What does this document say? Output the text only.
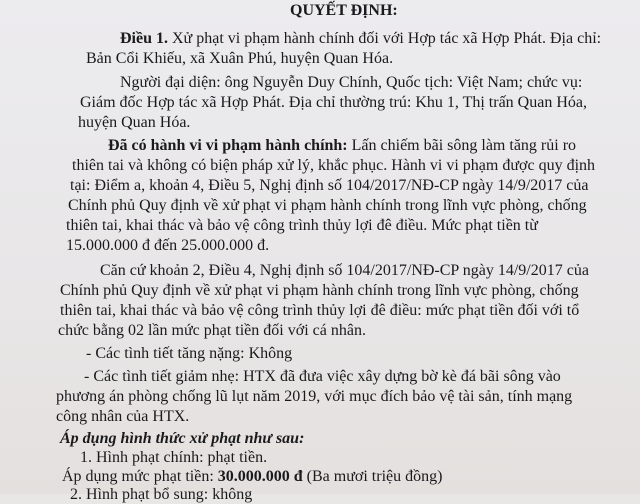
QUYẾT ĐỊNH:
Điều 1. Xử phạt vi phạm hành chính đối với Hợp tác xã Hợp Phát. Địa chỉ:
Bản Cổi Khiếu, xã Xuân Phú, huyện Quan Hóa.
Người đại diện: ông Nguyễn Duy Chính, Quốc tịch: Việt Nam; chức vụ:
Giám đốc Hợp tác xã Hợp Phát. Địa chỉ thường trú: Khu 1, Thị trấn Quan Hóa,
huyện Quan Hóa.
Đã có hành vi vi phạm hành chính: Lấn chiếm bãi sông làm tăng rủi ro
thiên tai và không có biện pháp xử lý, khắc phục. Hành vi vi phạm được quy định
tại: Điểm a, khoản 4, Điều 5, Nghị định số 104/2017/NĐ-CP ngày 14/9/2017 của
Chính phủ Quy định về xử phạt vi phạm hành chính trong lĩnh vực phòng, chống
thiên tai, khai thác và bảo vệ công trình thủy lợi đê điều. Mức phạt tiền từ
15.000.000 đ đến 25.000.000 đ.
Căn cứ khoản 2, Điều 4, Nghị định số 104/2017/NĐ-CP ngày 14/9/2017 của
Chính phủ Quy định về xử phạt vi phạm hành chính trong lĩnh vực phòng, chống
thiên tai, khai thác và bảo vệ công trình thủy lợi đê điều: mức phạt tiền đối với tổ
chức bằng 02 lần mức phạt tiền đối với cá nhân.
- Các tình tiết tăng nặng: Không
- Các tình tiết giảm nhẹ: HTX đã đưa việc xây dựng bờ kè đá bãi sông vào
phương án phòng chống lũ lụt năm 2019, với mục đích bảo vệ tài sản, tính mạng
công nhân của HTX.
Áp dụng hình thức xử phạt như sau:
1. Hình phạt chính: phạt tiền.
Áp dụng mức phạt tiền: 30.000.000 đ (Ba mươi triệu đồng)
2. Hình phạt bổ sung: không
